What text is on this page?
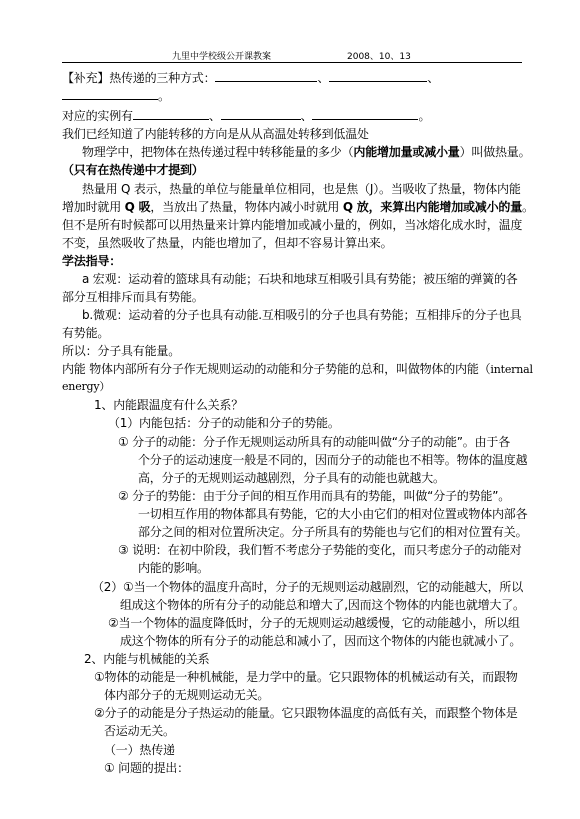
九里中学校级公开课教案	2008、10、13
【补充】热传递的三种方式：	、	、
。
对应的实例有	、	、	。
我们已经知道了内能转移的方向是从从高温处转移到低温处
物理学中，把物体在热传递过程中转移能量的多少（内能增加量或减小量）叫做热量。
（只有在热传递中才提到）
热量用 Q 表示，热量的单位与能量单位相同，也是焦（J）。当吸收了热量，物体内能
增加时就用 Q 吸，当放出了热量，物体内减小时就用 Q 放，来算出内能增加或减小的量。
但不是所有时候都可以用热量来计算内能增加或减小量的，例如，当冰熔化成水时，温度
不变，虽然吸收了热量，内能也增加了，但却不容易计算出来。
学法指导：
a 宏观：运动着的篮球具有动能；石块和地球互相吸引具有势能；被压缩的弹簧的各
部分互相排斥而具有势能。
b.微观：运动着的分子也具有动能.互相吸引的分子也具有势能；互相排斥的分子也具
有势能。
所以：分子具有能量。
内能 物体内部所有分子作无规则运动的动能和分子势能的总和，叫做物体的内能（internal
energy）
1、内能跟温度有什么关系？
（1）内能包括：分子的动能和分子的势能。
① 分子的动能：分子作无规则运动所具有的动能叫做“分子的动能”。由于各
个分子的运动速度一般是不同的，因而分子的动能也不相等。物体的温度越
高，分子的无规则运动越剧烈，分子具有的动能也就越大。
② 分子的势能：由于分子间的相互作用而具有的势能，叫做“分子的势能”。
一切相互作用的物体都具有势能，它的大小由它们的相对位置或物体内部各
部分之间的相对位置所决定。分子所具有的势能也与它们的相对位置有关。
③ 说明：在初中阶段，我们暂不考虑分子势能的变化，而只考虑分子的动能对
内能的影响。
（2）①当一个物体的温度升高时，分子的无规则运动越剧烈，它的动能越大，所以
组成这个物体的所有分子的动能总和增大了,因而这个物体的内能也就增大了。
②当一个物体的温度降低时，分子的无规则运动越缓慢，它的动能越小，所以组
成这个物体的所有分子的动能总和减小了，因而这个物体的内能也就减小了。
2、内能与机械能的关系
①物体的动能是一种机械能，是力学中的量。它只跟物体的机械运动有关，而跟物
体内部分子的无规则运动无关。
②分子的动能是分子热运动的能量。它只跟物体温度的高低有关，而跟整个物体是
否运动无关。
（一）热传递
① 问题的提出：
